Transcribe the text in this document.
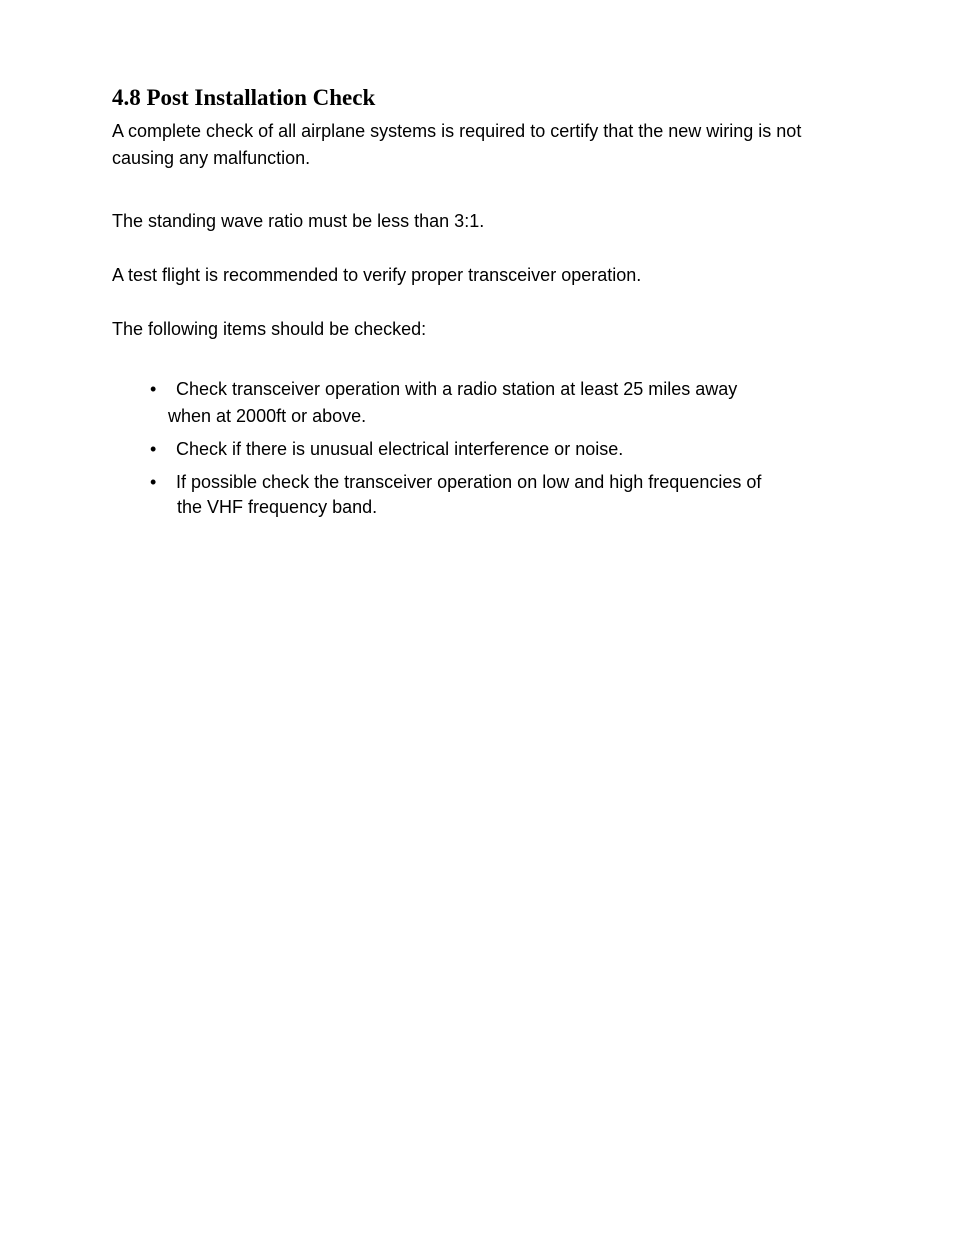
4.8 Post Installation Check

A complete check of all airplane systems is required to certify that the new wiring is not causing any malfunction.

The standing wave ratio must be less than 3:1.

A test flight is recommended to verify proper transceiver operation.

The following items should be checked:

• Check transceiver operation with a radio station at least 25 miles away
when at 2000ft or above.
• Check if there is unusual electrical interference or noise.
• If possible check the transceiver operation on low and high frequencies of
the VHF frequency band.
